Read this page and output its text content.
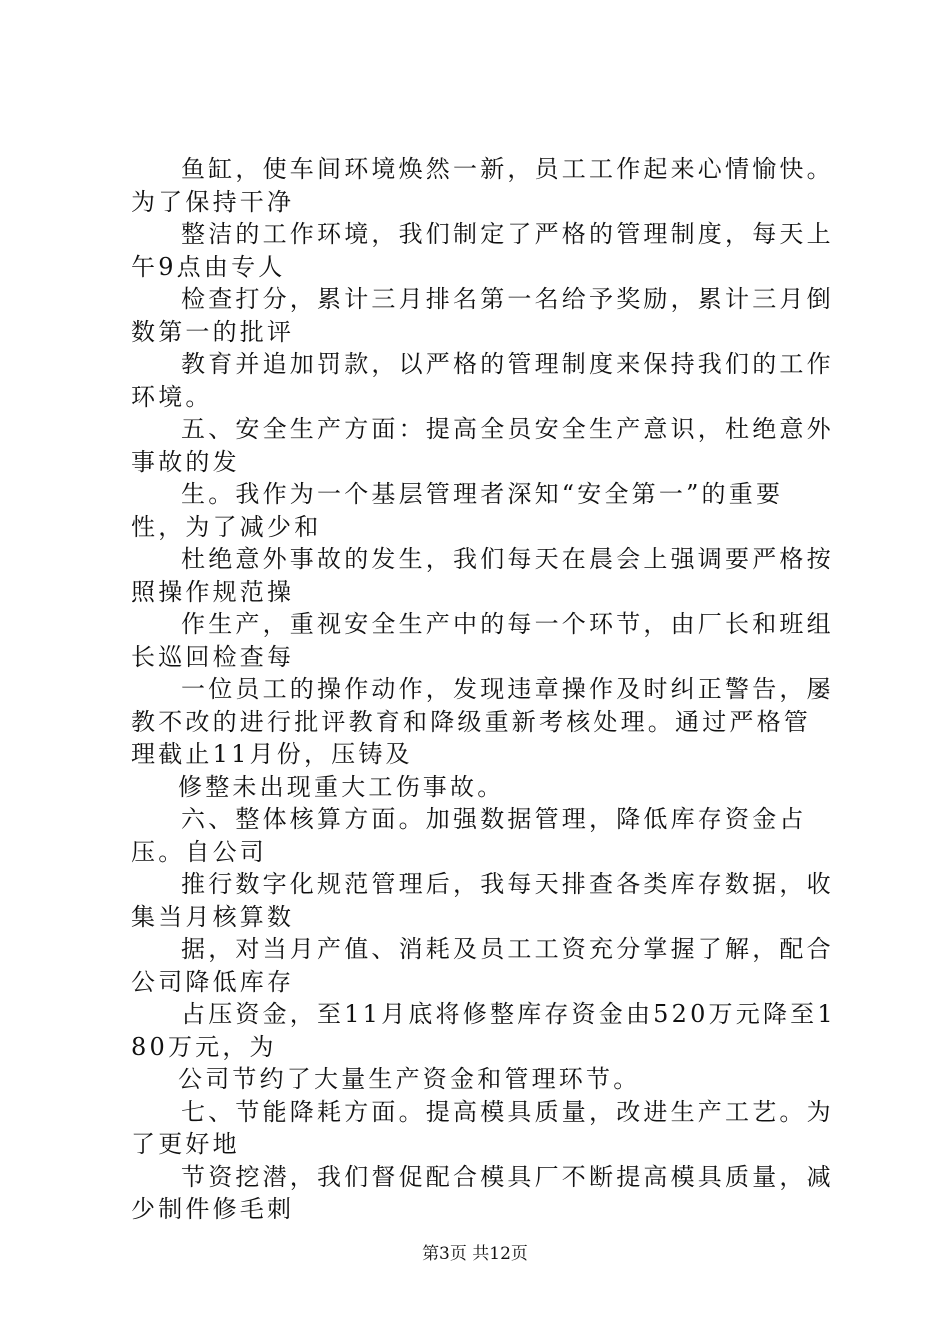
鱼缸，使车间环境焕然一新，员工工作起来心情愉快。为了保持干净

整洁的工作环境，我们制定了严格的管理制度，每天上午9点由专人

检查打分，累计三月排名第一名给予奖励，累计三月倒数第一的批评

教育并追加罚款，以严格的管理制度来保持我们的工作环境。

五、安全生产方面：提高全员安全生产意识，杜绝意外事故的发

生。我作为一个基层管理者深知“安全第一”的重要性，为了减少和

杜绝意外事故的发生，我们每天在晨会上强调要严格按照操作规范操

作生产，重视安全生产中的每一个环节，由厂长和班组长巡回检查每

一位员工的操作动作，发现违章操作及时纠正警告，屡教不改的进行批评教育和降级重新考核处理。通过严格管理截止11月份，压铸及

修整未出现重大工伤事故。

六、整体核算方面。加强数据管理，降低库存资金占压。自公司

推行数字化规范管理后，我每天排查各类库存数据，收集当月核算数

据，对当月产值、消耗及员工工资充分掌握了解，配合公司降低库存

占压资金，至11月底将修整库存资金由520万元降至180万元，为

公司节约了大量生产资金和管理环节。

七、节能降耗方面。提高模具质量，改进生产工艺。为了更好地

节资挖潜，我们督促配合模具厂不断提高模具质量，减少制件修毛刺

第3页 共12页
